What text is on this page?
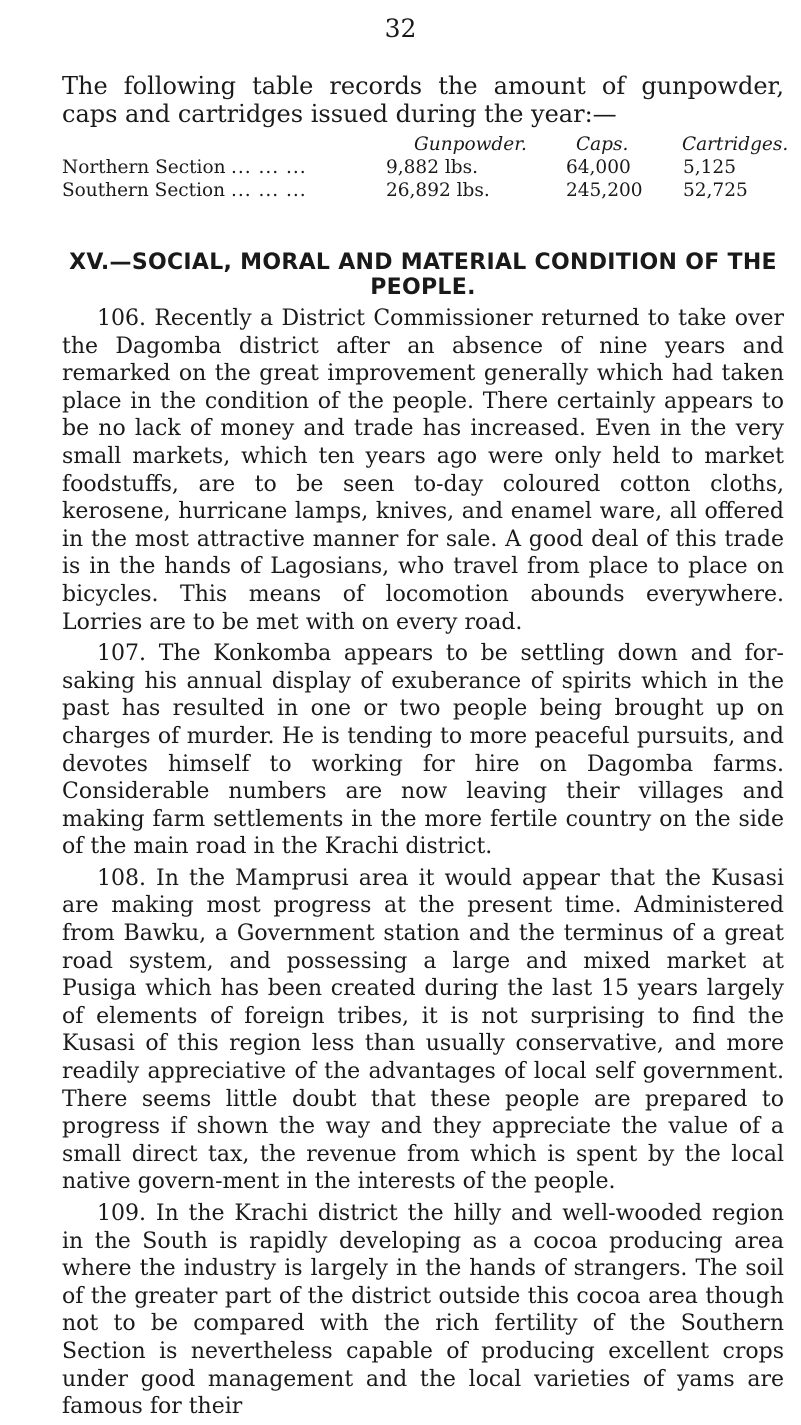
32

The following table records the amount of gunpowder, caps and cartridges issued during the year:—

Gunpowder.	Caps.	Cartridges.
Northern Section ... ... ...	9,882 lbs.	64,000	5,125
Southern Section ... ... ...	26,892 lbs.	245,200 52,725
XV.—SOCIAL, MORAL AND MATERIAL CONDITION OF THE PEOPLE.

106. Recently a District Commissioner returned to take over the Dagomba district after an absence of nine years and remarked on the great improvement generally which had taken place in the condition of the people. There certainly appears to be no lack of money and trade has increased. Even in the very small markets, which ten years ago were only held to market foodstuffs, are to be seen to-day coloured cotton cloths, kerosene, hurricane lamps, knives, and enamel ware, all offered in the most attractive manner for sale. A good deal of this trade is in the hands of Lagosians, who travel from place to place on bicycles. This means of locomotion abounds everywhere. Lorries are to be met with on every road.

107. The Konkomba appears to be settling down and for-saking his annual display of exuberance of spirits which in the past has resulted in one or two people being brought up on charges of murder. He is tending to more peaceful pursuits, and devotes himself to working for hire on Dagomba farms. Considerable numbers are now leaving their villages and making farm settlements in the more fertile country on the side of the main road in the Krachi district.

108. In the Mamprusi area it would appear that the Kusasi are making most progress at the present time. Administered from Bawku, a Government station and the terminus of a great road system, and possessing a large and mixed market at Pusiga which has been created during the last 15 years largely of elements of foreign tribes, it is not surprising to find the Kusasi of this region less than usually conservative, and more readily appreciative of the advantages of local self government. There seems little doubt that these people are prepared to progress if shown the way and they appreciate the value of a small direct tax, the revenue from which is spent by the local native govern-ment in the interests of the people.

109. In the Krachi district the hilly and well-wooded region in the South is rapidly developing as a cocoa producing area where the industry is largely in the hands of strangers. The soil of the greater part of the district outside this cocoa area though not to be compared with the rich fertility of the Southern Section is nevertheless capable of producing excellent crops under good management and the local varieties of yams are famous for their
